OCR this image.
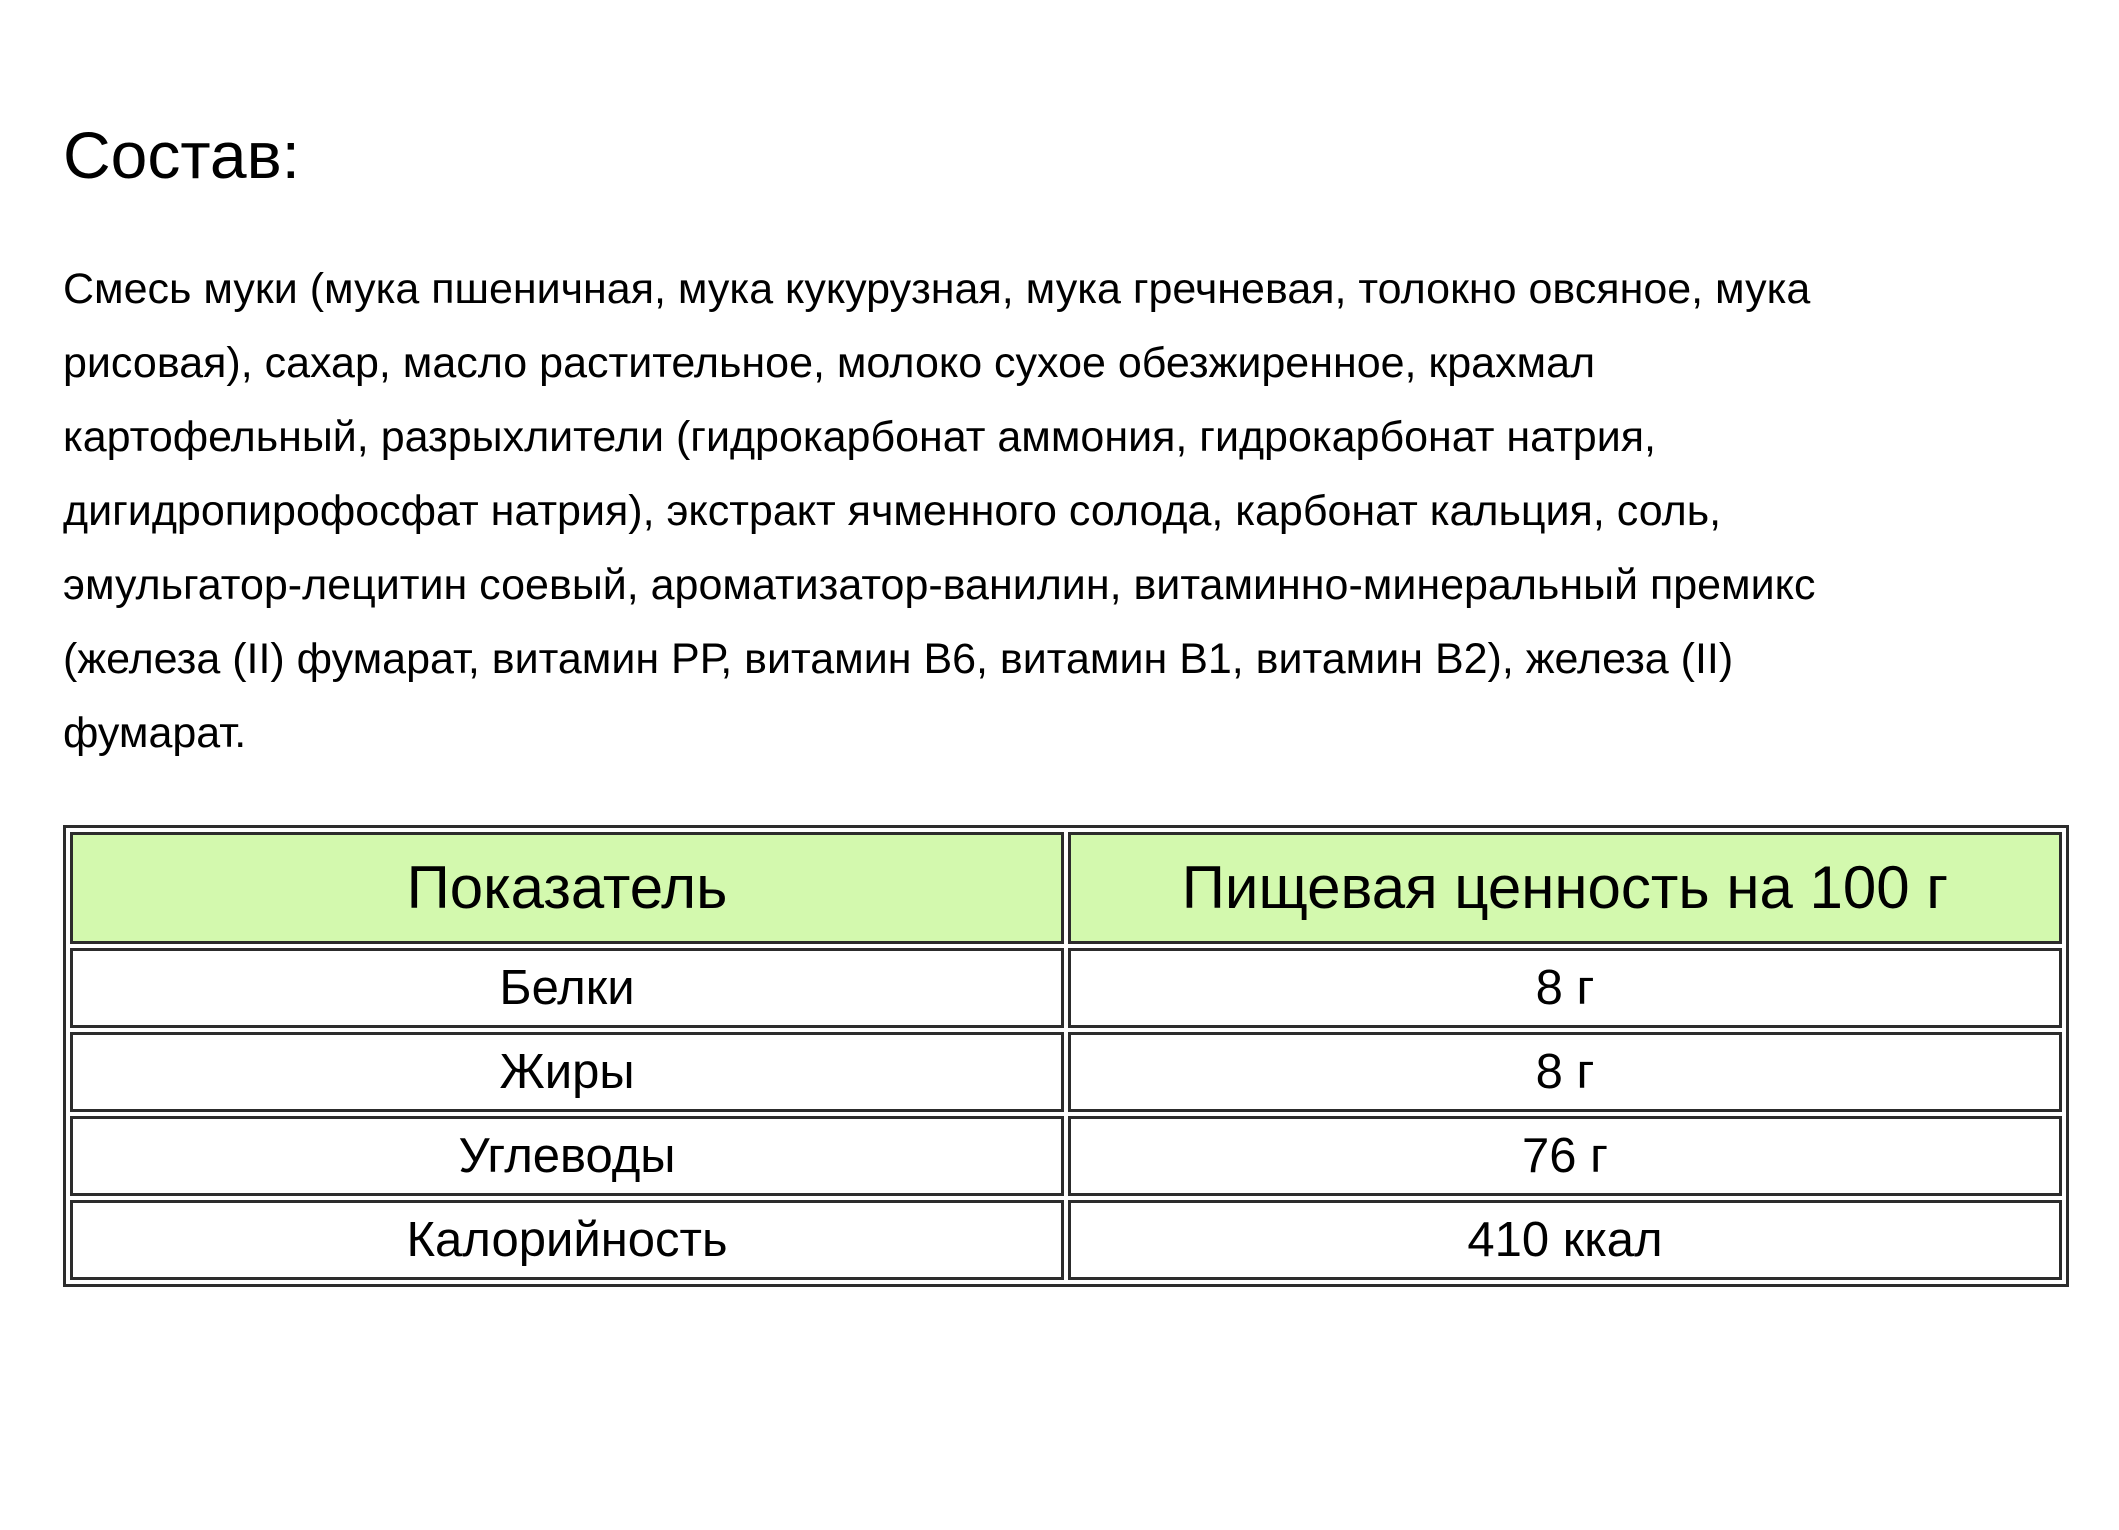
Состав:
Смесь муки (мука пшеничная, мука кукурузная, мука гречневая, толокно овсяное, мука
рисовая), сахар, масло растительное, молоко сухое обезжиренное, крахмал
картофельный, разрыхлители (гидрокарбонат аммония, гидрокарбонат натрия,
дигидропирофосфат натрия), экстракт ячменного солода, карбонат кальция, соль,
эмульгатор-лецитин соевый, ароматизатор-ванилин, витаминно-минеральный премикс
(железа (II) фумарат, витамин РР, витамин В6, витамин В1, витамин В2), железа (II)
фумарат.
Показатель	Пищевая ценность на 100 г
Белки	8 г
Жиры	8 г
Углеводы	76 г
Калорийность	410 ккал
